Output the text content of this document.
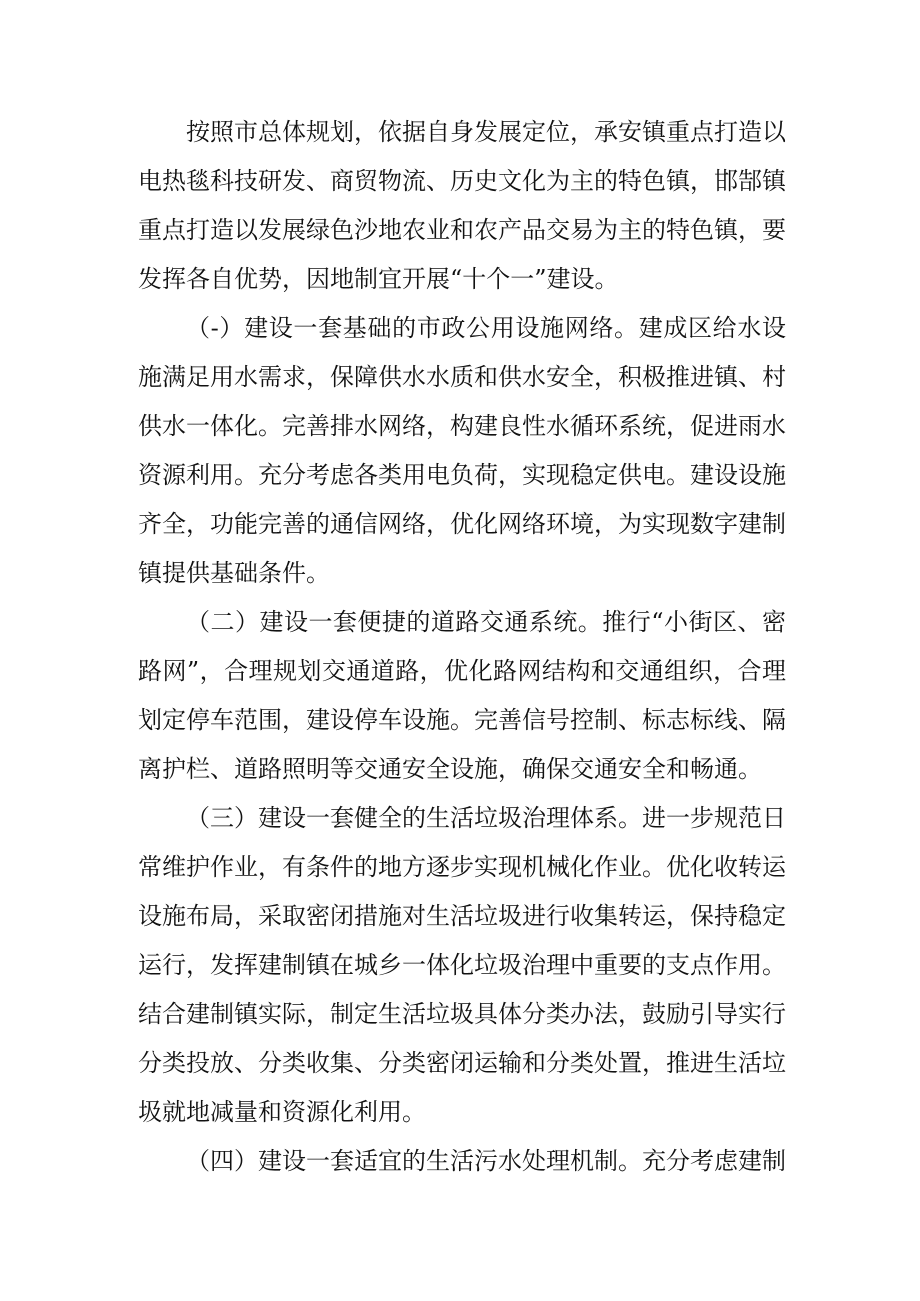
按照市总体规划，依据自身发展定位，承安镇重点打造以电热毯科技研发、商贸物流、历史文化为主的特色镇，邯郜镇重点打造以发展绿色沙地农业和农产品交易为主的特色镇，要发挥各自优势，因地制宜开展“十个一”建设。

（-）建设一套基础的市政公用设施网络。建成区给水设施满足用水需求，保障供水水质和供水安全，积极推进镇、村供水一体化。完善排水网络，构建良性水循环系统，促进雨水资源利用。充分考虑各类用电负荷，实现稳定供电。建设设施齐全，功能完善的通信网络，优化网络环境，为实现数字建制镇提供基础条件。

（二）建设一套便捷的道路交通系统。推行“小街区、密路网”，合理规划交通道路，优化路网结构和交通组织，合理划定停车范围，建设停车设施。完善信号控制、标志标线、隔离护栏、道路照明等交通安全设施，确保交通安全和畅通。

（三）建设一套健全的生活垃圾治理体系。进一步规范日常维护作业，有条件的地方逐步实现机械化作业。优化收转运设施布局，采取密闭措施对生活垃圾进行收集转运，保持稳定运行，发挥建制镇在城乡一体化垃圾治理中重要的支点作用。结合建制镇实际，制定生活垃圾具体分类办法，鼓励引导实行分类投放、分类收集、分类密闭运输和分类处置，推进生活垃圾就地减量和资源化利用。

（四）建设一套适宜的生活污水处理机制。充分考虑建制
